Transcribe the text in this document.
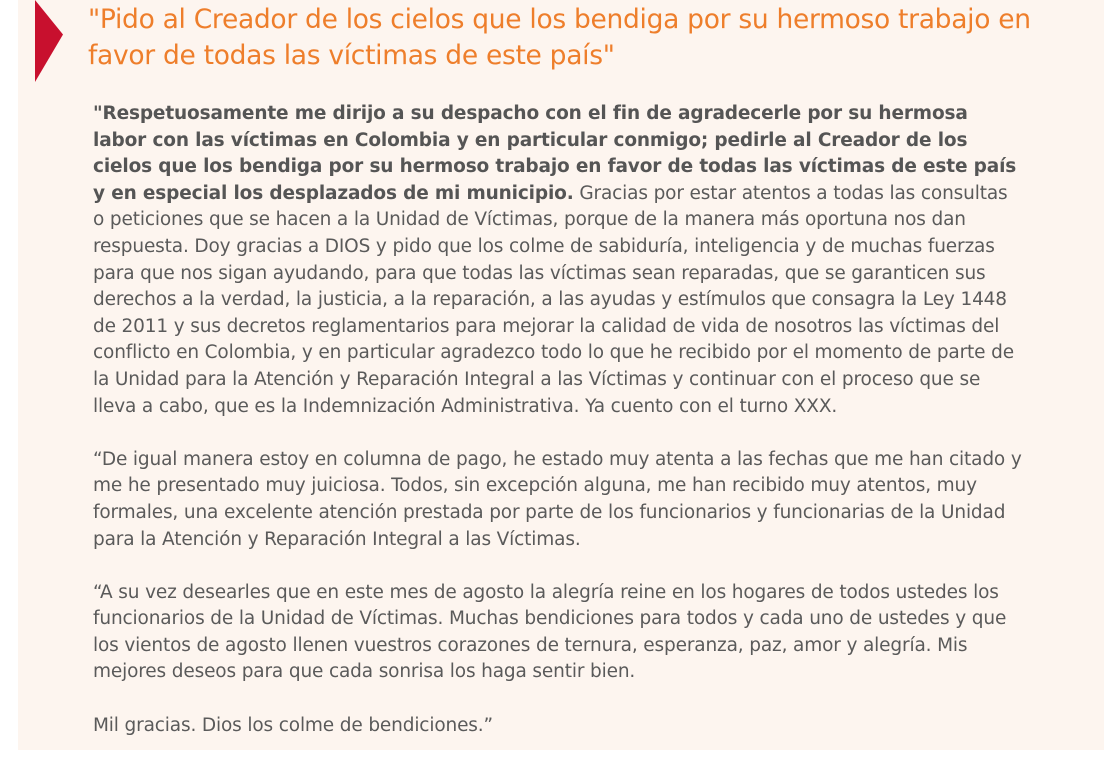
"Pido al Creador de los cielos que los bendiga por su hermoso trabajo en favor de todas las víctimas de este país"

"Respetuosamente me dirijo a su despacho con el fin de agradecerle por su hermosa labor con las víctimas en Colombia y en particular conmigo; pedirle al Creador de los cielos que los bendiga por su hermoso trabajo en favor de todas las víctimas de este país y en especial los desplazados de mi municipio. Gracias por estar atentos a todas las consultas o peticiones que se hacen a la Unidad de Víctimas, porque de la manera más oportuna nos dan respuesta. Doy gracias a DIOS y pido que los colme de sabiduría, inteligencia y de muchas fuerzas para que nos sigan ayudando, para que todas las víctimas sean reparadas, que se garanticen sus derechos a la verdad, la justicia, a la reparación, a las ayudas y estímulos que consagra la Ley 1448 de 2011 y sus decretos reglamentarios para mejorar la calidad de vida de nosotros las víctimas del conflicto en Colombia, y en particular agradezco todo lo que he recibido por el momento de parte de la Unidad para la Atención y Reparación Integral a las Víctimas y continuar con el proceso que se lleva a cabo, que es la Indemnización Administrativa. Ya cuento con el turno XXX.

“De igual manera estoy en columna de pago, he estado muy atenta a las fechas que me han citado y me he presentado muy juiciosa. Todos, sin excepción alguna, me han recibido muy atentos, muy formales, una excelente atención prestada por parte de los funcionarios y funcionarias de la Unidad para la Atención y Reparación Integral a las Víctimas.

“A su vez desearles que en este mes de agosto la alegría reine en los hogares de todos ustedes los funcionarios de la Unidad de Víctimas. Muchas bendiciones para todos y cada uno de ustedes y que los vientos de agosto llenen vuestros corazones de ternura, esperanza, paz, amor y alegría. Mis mejores deseos para que cada sonrisa los haga sentir bien.

Mil gracias. Dios los colme de bendiciones.”
